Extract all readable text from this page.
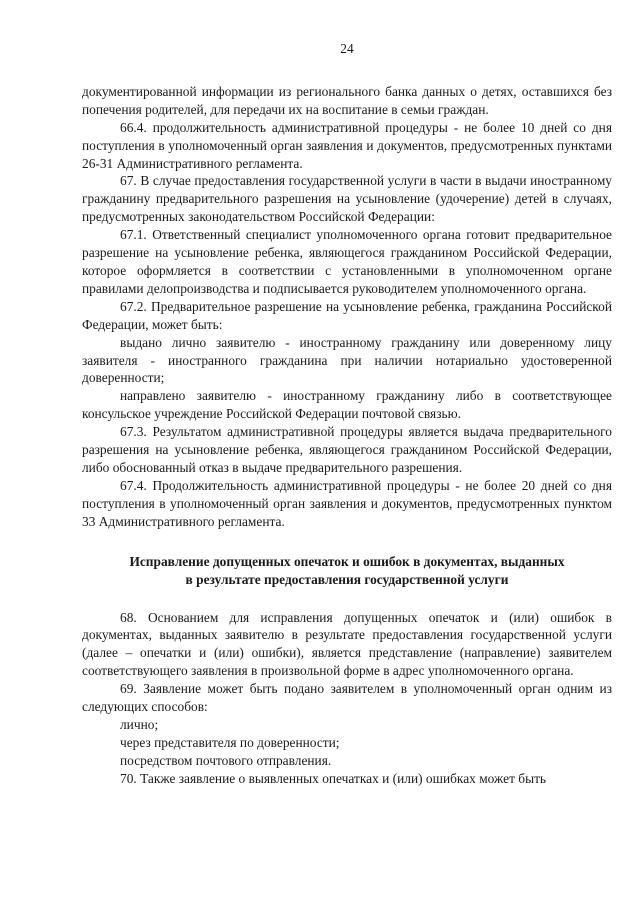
24

документированной информации из регионального банка данных о детях, оставшихся без попечения родителей, для передачи их на воспитание в семьи граждан.

66.4. продолжительность административной процедуры - не более 10 дней со дня поступления в уполномоченный орган заявления и документов, предусмотренных пунктами 26-31 Административного регламента.

67. В случае предоставления государственной услуги в части в выдачи иностранному гражданину предварительного разрешения на усыновление (удочерение) детей в случаях, предусмотренных законодательством Российской Федерации:

67.1. Ответственный специалист уполномоченного органа готовит предварительное разрешение на усыновление ребенка, являющегося гражданином Российской Федерации, которое оформляется в соответствии с установленными в уполномоченном органе правилами делопроизводства и подписывается руководителем уполномоченного органа.

67.2. Предварительное разрешение на усыновление ребенка, гражданина Российской Федерации, может быть:

выдано лично заявителю - иностранному гражданину или доверенному лицу заявителя - иностранного гражданина при наличии нотариально удостоверенной доверенности;

направлено заявителю - иностранному гражданину либо в соответствующее консульское учреждение Российской Федерации почтовой связью.

67.3. Результатом административной процедуры является выдача предварительного разрешения на усыновление ребенка, являющегося гражданином Российской Федерации, либо обоснованный отказ в выдаче предварительного разрешения.

67.4. Продолжительность административной процедуры - не более 20 дней со дня поступления в уполномоченный орган заявления и документов, предусмотренных пунктом 33 Административного регламента.

Исправление допущенных опечаток и ошибок в документах, выданных
в результате предоставления государственной услуги

68. Основанием для исправления допущенных опечаток и (или) ошибок в документах, выданных заявителю в результате предоставления государственной услуги (далее – опечатки и (или) ошибки), является представление (направление) заявителем соответствующего заявления в произвольной форме в адрес уполномоченного органа.

69. Заявление может быть подано заявителем в уполномоченный орган одним из следующих способов:

лично;

через представителя по доверенности;

посредством почтового отправления.

70. Также заявление о выявленных опечатках и (или) ошибках может быть
